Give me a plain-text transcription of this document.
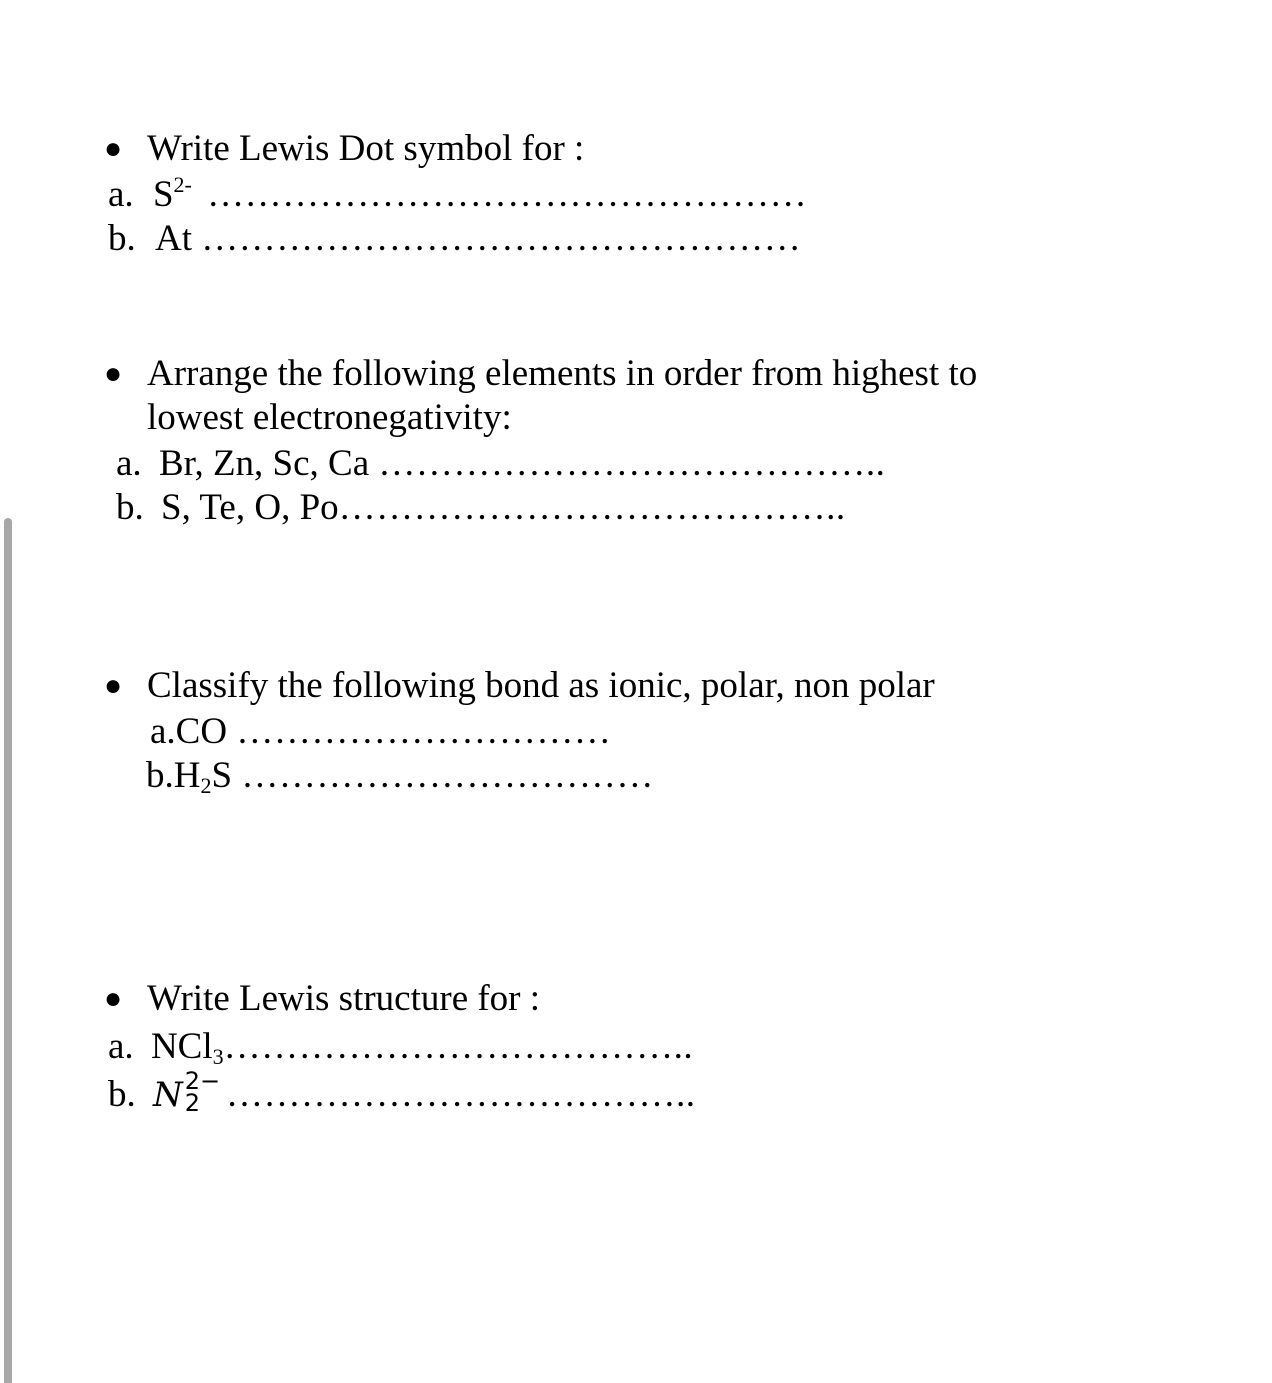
● Write Lewis Dot symbol for :
a. $S^{2-}$ …………………………………………
b. At …………………………………………
● Arrange the following elements in order from highest to
lowest electronegativity:
a. Br, Zn, Sc, Ca …………………………………..
b. S, Te, O, Po…………………………………..
● Classify the following bond as ionic, polar, non polar
a.CO …………………………
$b.H_2S$ ……………………………
● Write Lewis structure for :
a. NCl$_3$………………………………..
b. N 2−
2 ………………………………..
